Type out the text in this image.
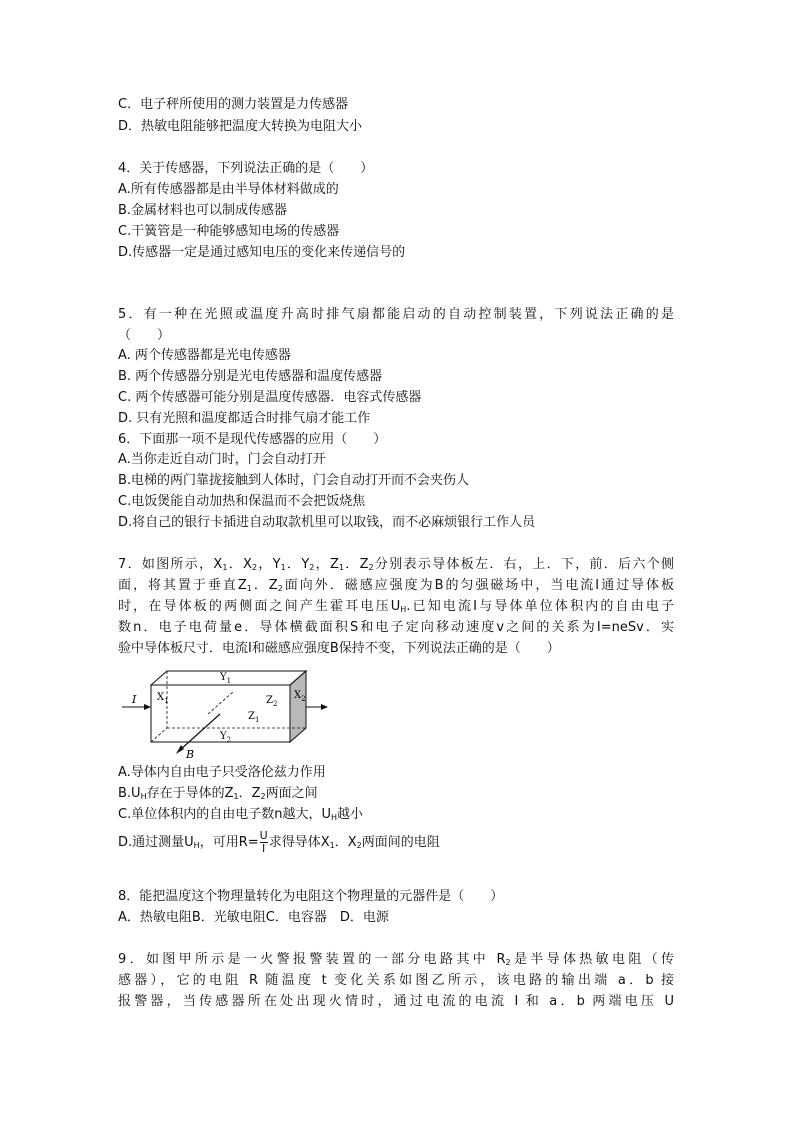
C．电子秤所使用的测力装置是力传感器
D．热敏电阻能够把温度大转换为电阻大小
4．关于传感器，下列说法正确的是（　　）
A.所有传感器都是由半导体材料做成的
B.金属材料也可以制成传感器
C.干簧管是一种能够感知电场的传感器
D.传感器一定是通过感知电压的变化来传递信号的
5．有一种在光照或温度升高时排气扇都能启动的自动控制装置，下列说法正确的是
（　　）
A. 两个传感器都是光电传感器
B. 两个传感器分别是光电传感器和温度传感器
C. 两个传感器可能分别是温度传感器．电容式传感器
D. 只有光照和温度都适合时排气扇才能工作
6．下面那一项不是现代传感器的应用（　　）
A.当你走近自动门时，门会自动打开
B.电梯的两门靠拢接触到人体时，门会自动打开而不会夹伤人
C.电饭煲能自动加热和保温而不会把饭烧焦
D.将自己的银行卡插进自动取款机里可以取钱，而不必麻烦银行工作人员
7．如图所示，$X_1$．$X_2$，$Y_1$．$Y_2$，$Z_1$．$Z_2$分别表示导体板左．右，上．下，前．后六个侧
面，将其置于垂直$Z_1$．$Z_2$面向外．磁感应强度为B的匀强磁场中，当电流I通过导体板
时，在导体板的两侧面之间产生霍耳电压$U_H$.已知电流I与导体单位体积内的自由电子
数n．电子电荷量e．导体横截面积S和电子定向移动速度v之间的关系为I=neSv．实
验中导体板尺寸．电流I和磁感应强度B保持不变，下列说法正确的是（　　）
I $X_1$	$X_2$
$Y_1$
$Y_2$
$Z_2$
$Z_1$
B
A.导体内自由电子只受洛伦兹力作用
$B.U_H$存在于导体的$Z_1$．$Z_2$两面之间
C.单位体积内的自由电子数n越大，$U_H$越小
D.通过测量$U_H$，可用$R= \frac{U}{I}$ 求得导体$X_1$．$X_2$两面间的电阻
8．能把温度这个物理量转化为电阻这个物理量的元器件是（　　）
A．热敏电阻B．光敏电阻C．电容器　D．电源
9．如图甲所示是一火警报警装置的一部分电路其中 $R_2$是半导体热敏电阻（传
感器），它的电阻 R 随温度 t 变化关系如图乙所示，该电路的输出端 a．b 接
报警器，当传感器所在处出现火情时，通过电流的电流 I 和 a．b 两端电压 U
